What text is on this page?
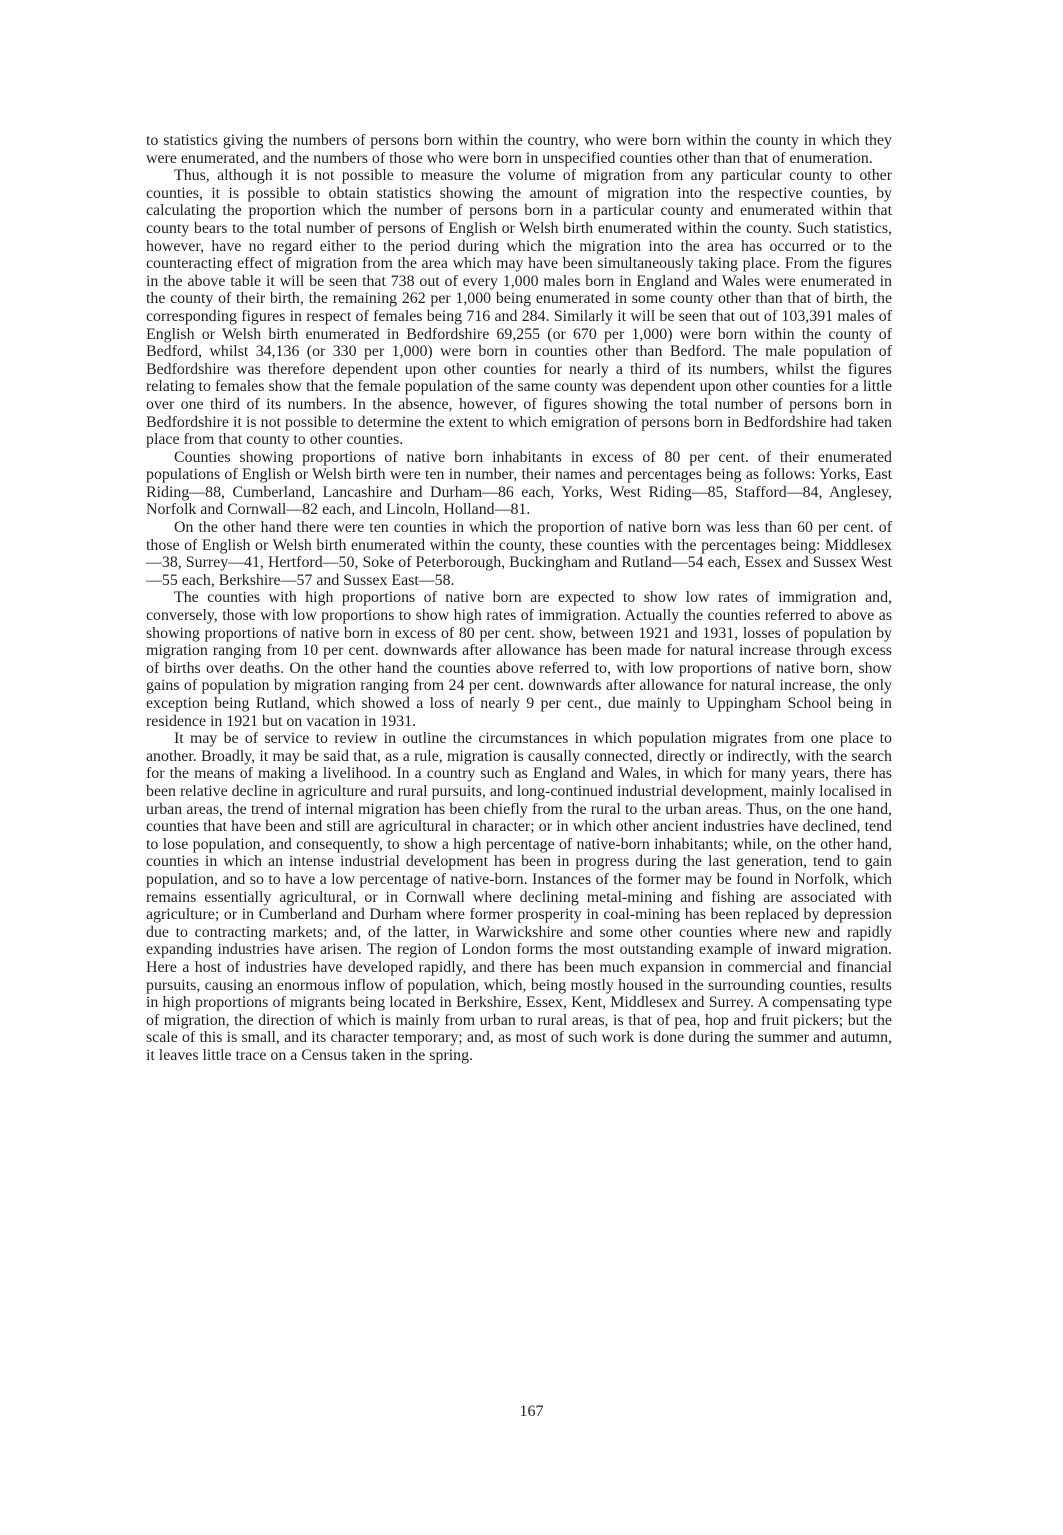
to statistics giving the numbers of persons born within the country, who were born within the county in which they were enumerated, and the numbers of those who were born in unspecified counties other than that of enumeration.

Thus, although it is not possible to measure the volume of migration from any particular county to other counties, it is possible to obtain statistics showing the amount of migration into the respective counties, by calculating the proportion which the number of persons born in a particular county and enumerated within that county bears to the total number of persons of English or Welsh birth enumerated within the county. Such statistics, however, have no regard either to the period during which the migration into the area has occurred or to the counteracting effect of migration from the area which may have been simultaneously taking place. From the figures in the above table it will be seen that 738 out of every 1,000 males born in England and Wales were enumerated in the county of their birth, the remaining 262 per 1,000 being enumerated in some county other than that of birth, the corresponding figures in respect of females being 716 and 284. Similarly it will be seen that out of 103,391 males of English or Welsh birth enumerated in Bedfordshire 69,255 (or 670 per 1,000) were born within the county of Bedford, whilst 34,136 (or 330 per 1,000) were born in counties other than Bedford. The male population of Bedfordshire was therefore dependent upon other counties for nearly a third of its numbers, whilst the figures relating to females show that the female population of the same county was dependent upon other counties for a little over one third of its numbers. In the absence, however, of figures showing the total number of persons born in Bedfordshire it is not possible to determine the extent to which emigration of persons born in Bedfordshire had taken place from that county to other counties.

Counties showing proportions of native born inhabitants in excess of 80 per cent. of their enumerated populations of English or Welsh birth were ten in number, their names and percentages being as follows: Yorks, East Riding—88, Cumberland, Lancashire and Durham—86 each, Yorks, West Riding—85, Stafford—84, Anglesey, Norfolk and Cornwall—82 each, and Lincoln, Holland—81.

On the other hand there were ten counties in which the proportion of native born was less than 60 per cent. of those of English or Welsh birth enumerated within the county, these counties with the percentages being: Middlesex—38, Surrey—41, Hertford—50, Soke of Peterborough, Buckingham and Rutland—54 each, Essex and Sussex West—55 each, Berkshire—57 and Sussex East—58.

The counties with high proportions of native born are expected to show low rates of immigration and, conversely, those with low proportions to show high rates of immigration. Actually the counties referred to above as showing proportions of native born in excess of 80 per cent. show, between 1921 and 1931, losses of population by migration ranging from 10 per cent. downwards after allowance has been made for natural increase through excess of births over deaths. On the other hand the counties above referred to, with low proportions of native born, show gains of population by migration ranging from 24 per cent. downwards after allowance for natural increase, the only exception being Rutland, which showed a loss of nearly 9 per cent., due mainly to Uppingham School being in residence in 1921 but on vacation in 1931.

It may be of service to review in outline the circumstances in which population migrates from one place to another. Broadly, it may be said that, as a rule, migration is causally connected, directly or indirectly, with the search for the means of making a livelihood. In a country such as England and Wales, in which for many years, there has been relative decline in agriculture and rural pursuits, and long-continued industrial development, mainly localised in urban areas, the trend of internal migration has been chiefly from the rural to the urban areas. Thus, on the one hand, counties that have been and still are agricultural in character; or in which other ancient industries have declined, tend to lose population, and consequently, to show a high percentage of native-born inhabitants; while, on the other hand, counties in which an intense industrial development has been in progress during the last generation, tend to gain population, and so to have a low percentage of native-born. Instances of the former may be found in Norfolk, which remains essentially agricultural, or in Cornwall where declining metal-mining and fishing are associated with agriculture; or in Cumberland and Durham where former prosperity in coal-mining has been replaced by depression due to contracting markets; and, of the latter, in Warwickshire and some other counties where new and rapidly expanding industries have arisen. The region of London forms the most outstanding example of inward migration. Here a host of industries have developed rapidly, and there has been much expansion in commercial and financial pursuits, causing an enormous inflow of population, which, being mostly housed in the surrounding counties, results in high proportions of migrants being located in Berkshire, Essex, Kent, Middlesex and Surrey. A compensating type of migration, the direction of which is mainly from urban to rural areas, is that of pea, hop and fruit pickers; but the scale of this is small, and its character temporary; and, as most of such work is done during the summer and autumn, it leaves little trace on a Census taken in the spring.

167
